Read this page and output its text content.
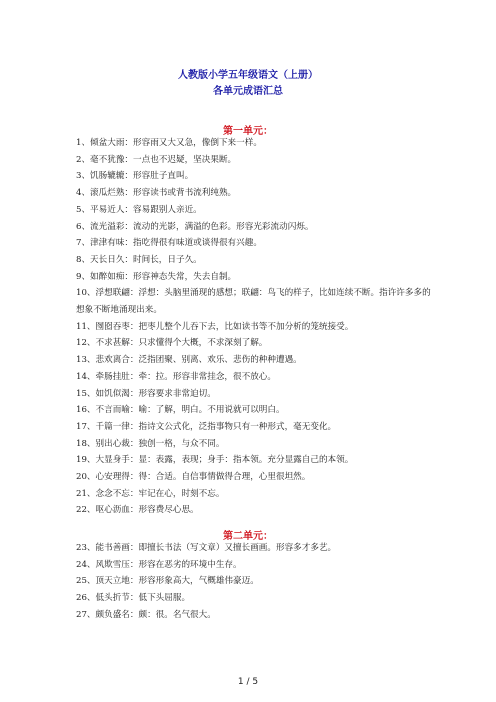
人教版小学五年级语文（上册）
各单元成语汇总
第一单元：
1、倾盆大雨：形容雨又大又急，像倒下来一样。
2、毫不犹豫：一点也不迟疑，坚决果断。
3、饥肠辘辘：形容肚子直叫。
4、滚瓜烂熟：形容读书或背书流利纯熟。
5、平易近人：容易跟别人亲近。
6、流光溢彩：流动的光影，满溢的色彩。形容光彩流动闪烁。
7、津津有味：指吃得很有味道或谈得很有兴趣。
8、天长日久：时间长，日子久。
9、如醉如痴：形容神态失常，失去自制。
10、浮想联翩：浮想：头脑里涌现的感想；联翩：鸟飞的样子，比如连续不断。指许许多多的想象不断地涌现出来。
11、囫囵吞枣：把枣儿整个儿吞下去，比如读书等不加分析的笼统接受。
12、不求甚解：只求懂得个大概，不求深刻了解。
13、悲欢离合：泛指团聚、别离、欢乐、悲伤的种种遭遇。
14、牵肠挂肚：牵：拉。形容非常挂念，很不放心。
15、如饥似渴：形容要求非常迫切。
16、不言而喻：喻：了解，明白。不用说就可以明白。
17、千篇一律：指诗文公式化，泛指事物只有一种形式，毫无变化。
18、别出心裁：独创一格，与众不同。
19、大显身手：显：表露，表现；身手：指本领。充分显露自己的本领。
20、心安理得：得：合适。自信事情做得合理，心里很坦然。
21、念念不忘：牢记在心，时刻不忘。
22、呕心沥血：形容费尽心思。
第二单元：
23、能书善画：即擅长书法（写文章）又擅长画画。形容多才多艺。
24、风欺雪压：形容在恶劣的环境中生存。
25、顶天立地：形容形象高大，气概雄伟豪迈。
26、低头折节：低下头屈服。
27、颇负盛名：颇：很。名气很大。
1 / 5
